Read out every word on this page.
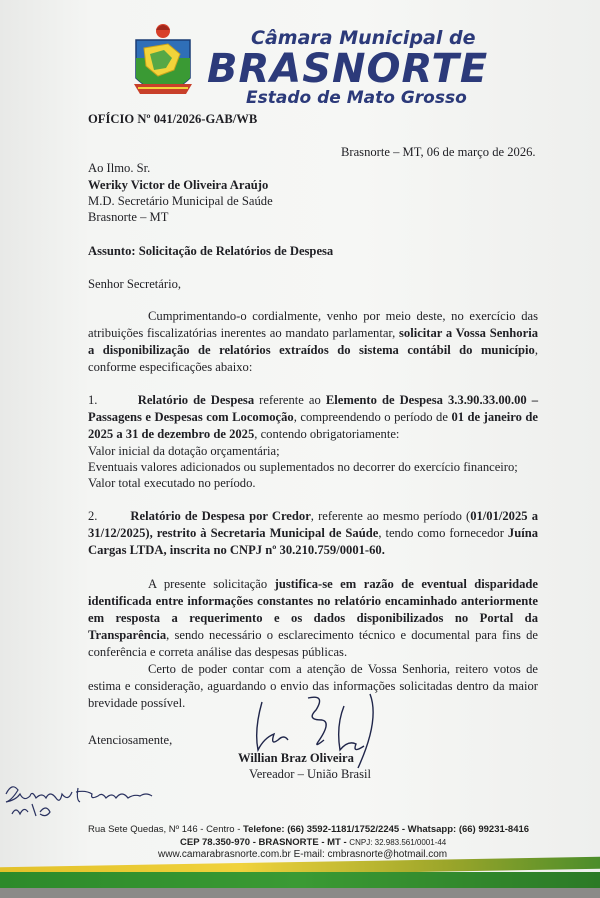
Câmara Municipal de
BRASNORTE
Estado de Mato Grosso
OFÍCIO Nº 041/2026-GAB/WB
Brasnorte – MT, 06 de março de 2026.
Ao Ilmo. Sr.
Weriky Victor de Oliveira Araújo
M.D. Secretário Municipal de Saúde
Brasnorte – MT
Assunto: Solicitação de Relatórios de Despesa
Senhor Secretário,
Cumprimentando-o cordialmente, venho por meio deste, no exercício das atribuições fiscalizatórias inerentes ao mandato parlamentar, solicitar a Vossa Senhoria a disponibilização de relatórios extraídos do sistema contábil do município, conforme especificações abaixo:
1.	Relatório de Despesa referente ao Elemento de Despesa 3.3.90.33.00.00 – Passagens e Despesas com Locomoção, compreendendo o período de 01 de janeiro de 2025 a 31 de dezembro de 2025, contendo obrigatoriamente:
Valor inicial da dotação orçamentária;
Eventuais valores adicionados ou suplementados no decorrer do exercício financeiro;
Valor total executado no período.
2.	Relatório de Despesa por Credor, referente ao mesmo período (01/01/2025 a 31/12/2025), restrito à Secretaria Municipal de Saúde, tendo como fornecedor Juína Cargas LTDA, inscrita no CNPJ nº 30.210.759/0001-60.
A presente solicitação justifica-se em razão de eventual disparidade identificada entre informações constantes no relatório encaminhado anteriormente em resposta a requerimento e os dados disponibilizados no Portal da Transparência, sendo necessário o esclarecimento técnico e documental para fins de conferência e correta análise das despesas públicas.
Certo de poder contar com a atenção de Vossa Senhoria, reitero votos de estima e consideração, aguardando o envio das informações solicitadas dentro da maior brevidade possível.
Atenciosamente,
Willian Braz Oliveira
Vereador – União Brasil
Rua Sete Quedas, Nº 146 - Centro - Telefone: (66) 3592-1181/1752/2245 - Whatsapp: (66) 99231-8416
CEP 78.350-970 - BRASNORTE - MT - CNPJ: 32.983.561/0001-44
www.camarabrasnorte.com.br E-mail: cmbrasnorte@hotmail.com
